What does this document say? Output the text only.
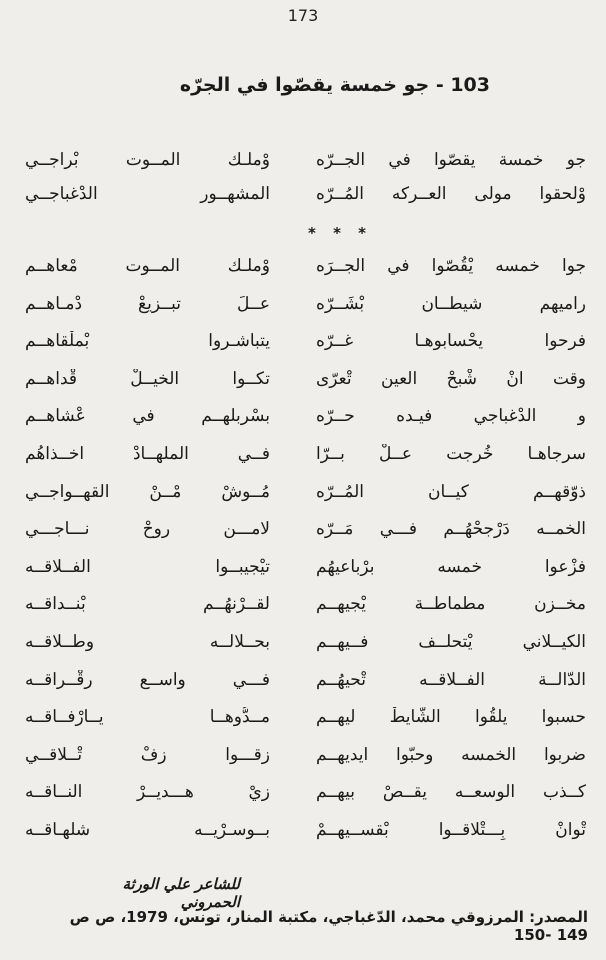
173
103 - جو خمسة يقصّوا في الجرّه
جو خمسة يقصّوا في الجــرّه
وْملـك المــوت بْراجــي
وْلحقوا مولى العــركه المُــرّه
المشهــور الدْغباجــي
* * *
جوا خمسه يْقُصّوا في الجــرَه
وْملـك المــوت مْعاهــم
راميهم شيطــان بْشَــرّه
عــلَ تبــزيعْ دْمـاهــم
فرحوا يحْسابوهـا غــرّه
يتباشـروا بْملْقاهــم
وقت انْ شْبحْ العين تْعرّى
تكــوا الخيــلْ قْداهــم
و الدْغباجي فيـده حــرّه
بسْربلهــم في عْشاهــم
سرجاهـا خُرجت عــلْ بــرّا
فــي الملهــادْ اخــذاهُم
ذوّقهــم كيــان المُــرّه
مُــوشْ مْــنْ القهــواجــي
الخمــه دَرْجحْهُــم فـــي مَــرّه
لامـــن روحْ نـــاجـــي
فزْعوا خمسه برْباعيهُم
تيْجيبــوا الفــلاقــه
مخــزن مطماطــة يْجيهــم
لقــرْنهُــم بْنــداقــه
الكيــلاني يْتحلــف فــيهــم
بحــلالــه وطــلاقــه
الدّالــة الفــلاقــه تْحيهُــم
فـــي واســع رقْــراقــه
حسبوا يلقُوا الشّايطْ ليهــم
مــدُّوهــا يــارْفــاقــه
ضربوا الخمسه وحبّوا ايديهــم
زقـــوا زفْ تْــلاقــي
كــذب الوسعــه يقــصْ بيهــم
زيْ هـــديــرْ النــاقــه
تْوانْ بِـــتْلاقــوا بْقســيهــمْ
بــوسـرْيــه شلهـاقــه
للشاعر علي الورثة الحمروني
المصدر: المرزوقي محمد، الدّغباجي، مكتبة المنار، تونس، 1979، ص ص 149 -150
